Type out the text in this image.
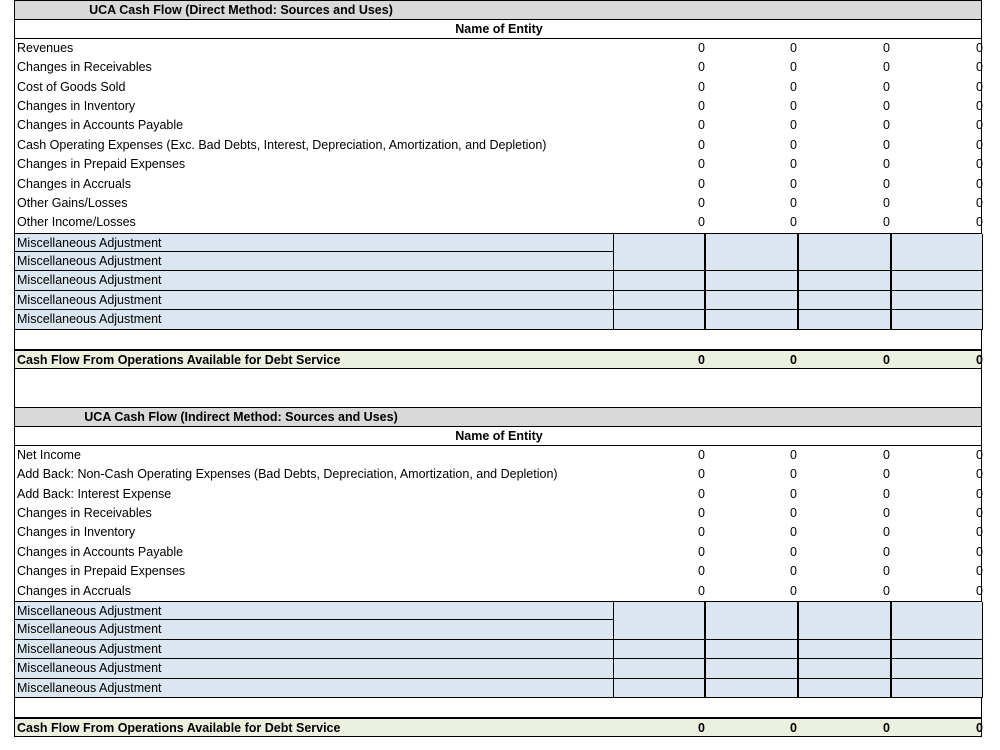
UCA Cash Flow (Direct Method: Sources and Uses)
Name of Entity
Revenues	0	0	0	0
Changes in Receivables	0	0	0	0
Cost of Goods Sold	0	0	0	0
Changes in Inventory	0	0	0	0
Changes in Accounts Payable	0	0	0	0
Cash Operating Expenses (Exc. Bad Debts, Interest, Depreciation, Amortization, and Depletion)	0	0	0	0
Changes in Prepaid Expenses	0	0	0	0
Changes in Accruals	0	0	0	0
Other Gains/Losses	0	0	0	0
Other Income/Losses	0	0	0	0
Miscellaneous Adjustment
Miscellaneous Adjustment
Miscellaneous Adjustment
Miscellaneous Adjustment
Miscellaneous Adjustment
Cash Flow From Operations Available for Debt Service	0	0	0	0
UCA Cash Flow (Indirect Method: Sources and Uses)
Name of Entity
Net Income	0	0	0	0
Add Back: Non-Cash Operating Expenses (Bad Debts, Depreciation, Amortization, and Depletion)	0	0	0	0
Add Back: Interest Expense	0	0	0	0
Changes in Receivables	0	0	0	0
Changes in Inventory	0	0	0	0
Changes in Accounts Payable	0	0	0	0
Changes in Prepaid Expenses	0	0	0	0
Changes in Accruals	0	0	0	0
Miscellaneous Adjustment
Miscellaneous Adjustment
Miscellaneous Adjustment
Miscellaneous Adjustment
Miscellaneous Adjustment
Cash Flow From Operations Available for Debt Service	0	0	0	0
